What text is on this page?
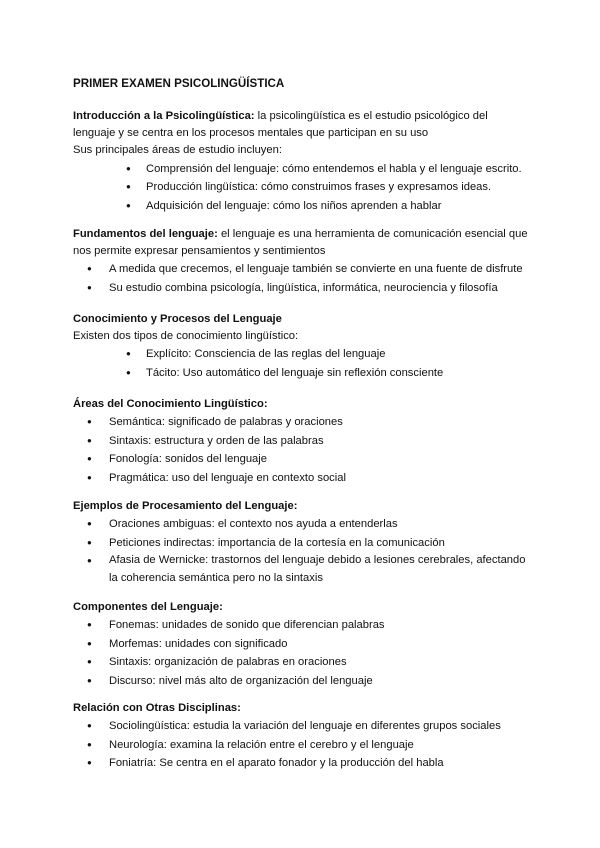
PRIMER EXAMEN PSICOLINGÜÍSTICA

Introducción a la Psicolingüística: la psicolingüística es el estudio psicológico del lenguaje y se centra en los procesos mentales que participan en su uso

Sus principales áreas de estudio incluyen:

● Comprensión del lenguaje: cómo entendemos el habla y el lenguaje escrito.
● Producción lingüística: cómo construimos frases y expresamos ideas.
● Adquisición del lenguaje: cómo los niños aprenden a hablar

Fundamentos del lenguaje: el lenguaje es una herramienta de comunicación esencial que nos permite expresar pensamientos y sentimientos

● A medida que crecemos, el lenguaje también se convierte en una fuente de disfrute
● Su estudio combina psicología, lingüística, informática, neurociencia y filosofía

Conocimiento y Procesos del Lenguaje

Existen dos tipos de conocimiento lingüístico:

● Explícito: Consciencia de las reglas del lenguaje
● Tácito: Uso automático del lenguaje sin reflexión consciente

Áreas del Conocimiento Lingüístico:

● Semántica: significado de palabras y oraciones
● Sintaxis: estructura y orden de las palabras
● Fonología: sonidos del lenguaje
● Pragmática: uso del lenguaje en contexto social

Ejemplos de Procesamiento del Lenguaje:

● Oraciones ambiguas: el contexto nos ayuda a entenderlas
● Peticiones indirectas: importancia de la cortesía en la comunicación
● Afasia de Wernicke: trastornos del lenguaje debido a lesiones cerebrales, afectando la coherencia semántica pero no la sintaxis

Componentes del Lenguaje:

● Fonemas: unidades de sonido que diferencian palabras
● Morfemas: unidades con significado
● Sintaxis: organización de palabras en oraciones
● Discurso: nivel más alto de organización del lenguaje

Relación con Otras Disciplinas:

● Sociolingüística: estudia la variación del lenguaje en diferentes grupos sociales
● Neurología: examina la relación entre el cerebro y el lenguaje
● Foniatría: Se centra en el aparato fonador y la producción del habla
